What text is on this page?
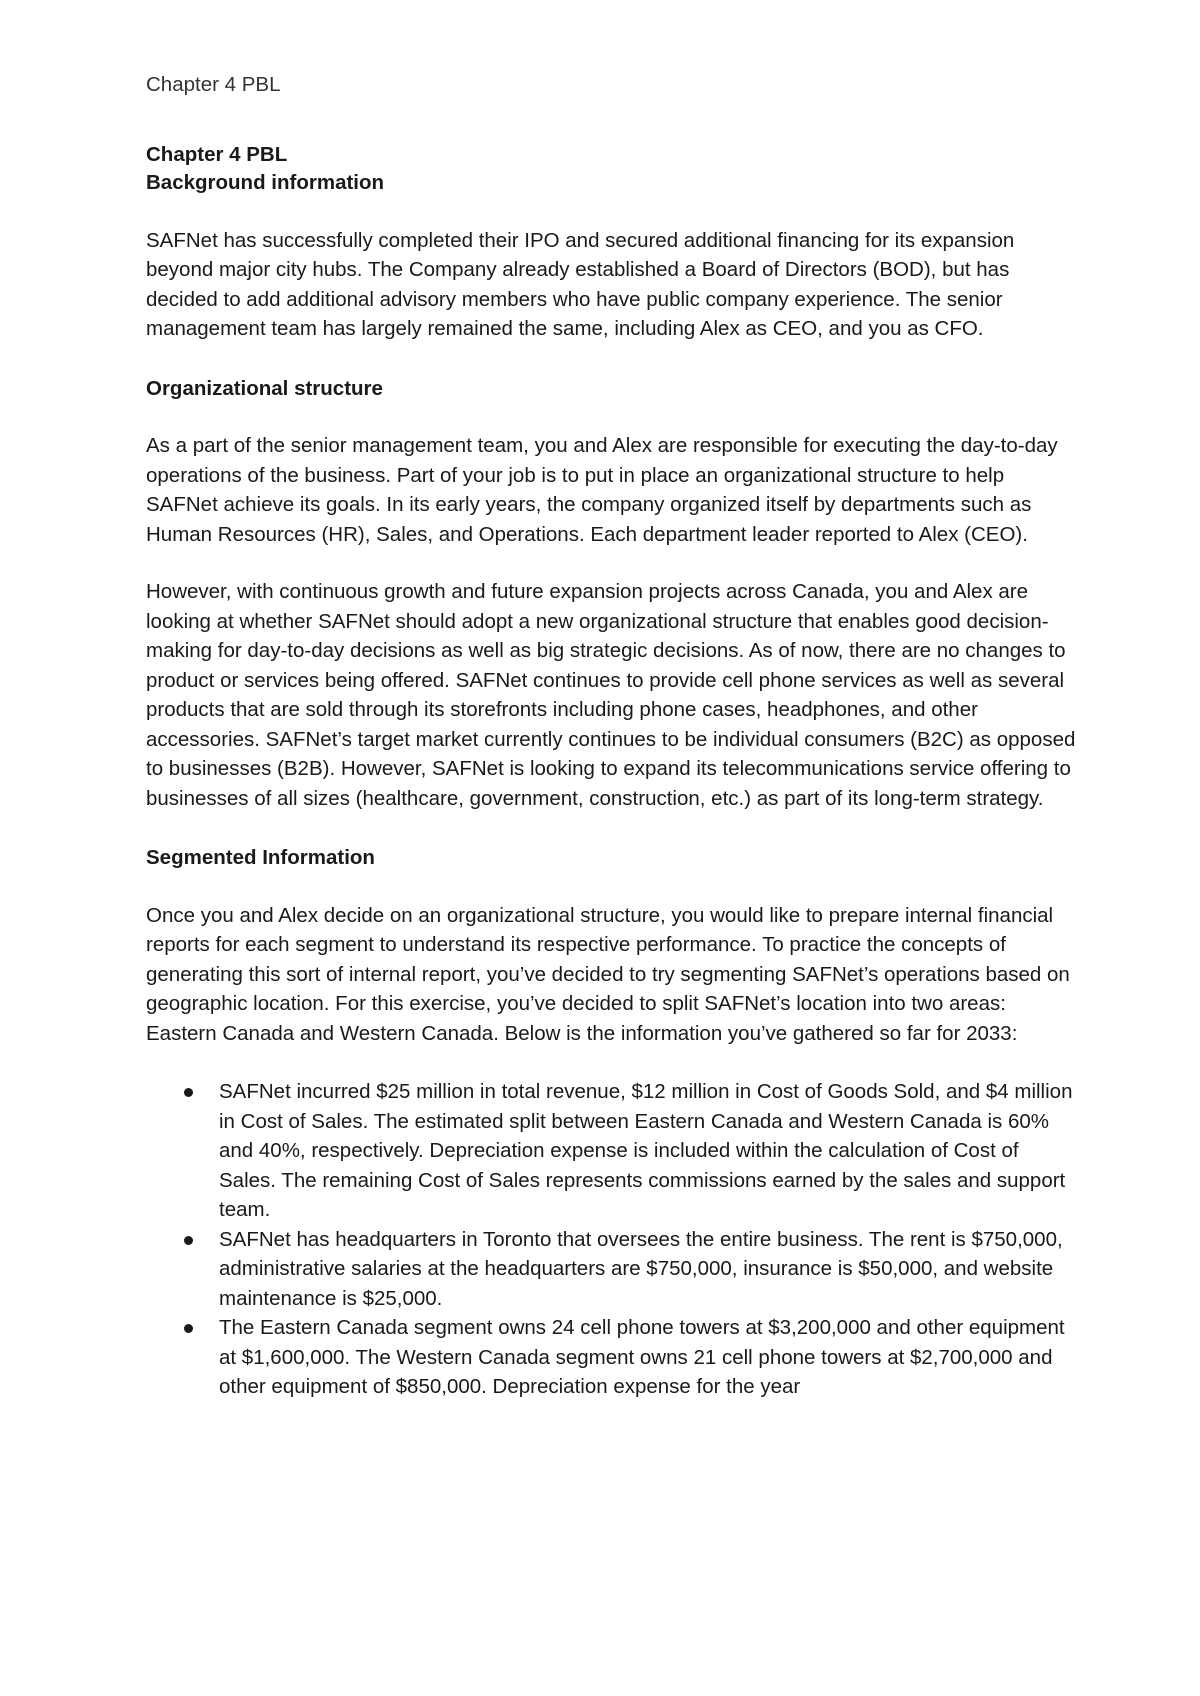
Chapter 4 PBL

Chapter 4 PBL
Background information

SAFNet has successfully completed their IPO and secured additional financing for its expansion beyond major city hubs. The Company already established a Board of Directors (BOD), but has decided to add additional advisory members who have public company experience. The senior management team has largely remained the same, including Alex as CEO, and you as CFO.

Organizational structure

As a part of the senior management team, you and Alex are responsible for executing the day-to-day operations of the business. Part of your job is to put in place an organizational structure to help SAFNet achieve its goals. In its early years, the company organized itself by departments such as Human Resources (HR), Sales, and Operations. Each department leader reported to Alex (CEO).

However, with continuous growth and future expansion projects across Canada, you and Alex are looking at whether SAFNet should adopt a new organizational structure that enables good decision-making for day-to-day decisions as well as big strategic decisions. As of now, there are no changes to product or services being offered. SAFNet continues to provide cell phone services as well as several products that are sold through its storefronts including phone cases, headphones, and other accessories. SAFNet’s target market currently continues to be individual consumers (B2C) as opposed to businesses (B2B). However, SAFNet is looking to expand its telecommunications service offering to businesses of all sizes (healthcare, government, construction, etc.) as part of its long-term strategy.

Segmented Information

Once you and Alex decide on an organizational structure, you would like to prepare internal financial reports for each segment to understand its respective performance. To practice the concepts of generating this sort of internal report, you’ve decided to try segmenting SAFNet’s operations based on geographic location. For this exercise, you’ve decided to split SAFNet’s location into two areas: Eastern Canada and Western Canada. Below is the information you’ve gathered so far for 2033:

SAFNet incurred $25 million in total revenue, $12 million in Cost of Goods Sold, and $4 million in Cost of Sales. The estimated split between Eastern Canada and Western Canada is 60% and 40%, respectively. Depreciation expense is included within the calculation of Cost of Sales. The remaining Cost of Sales represents commissions earned by the sales and support team.
SAFNet has headquarters in Toronto that oversees the entire business. The rent is $750,000, administrative salaries at the headquarters are $750,000, insurance is $50,000, and website maintenance is $25,000.
The Eastern Canada segment owns 24 cell phone towers at $3,200,000 and other equipment at $1,600,000. The Western Canada segment owns 21 cell phone towers at $2,700,000 and other equipment of $850,000. Depreciation expense for the year
